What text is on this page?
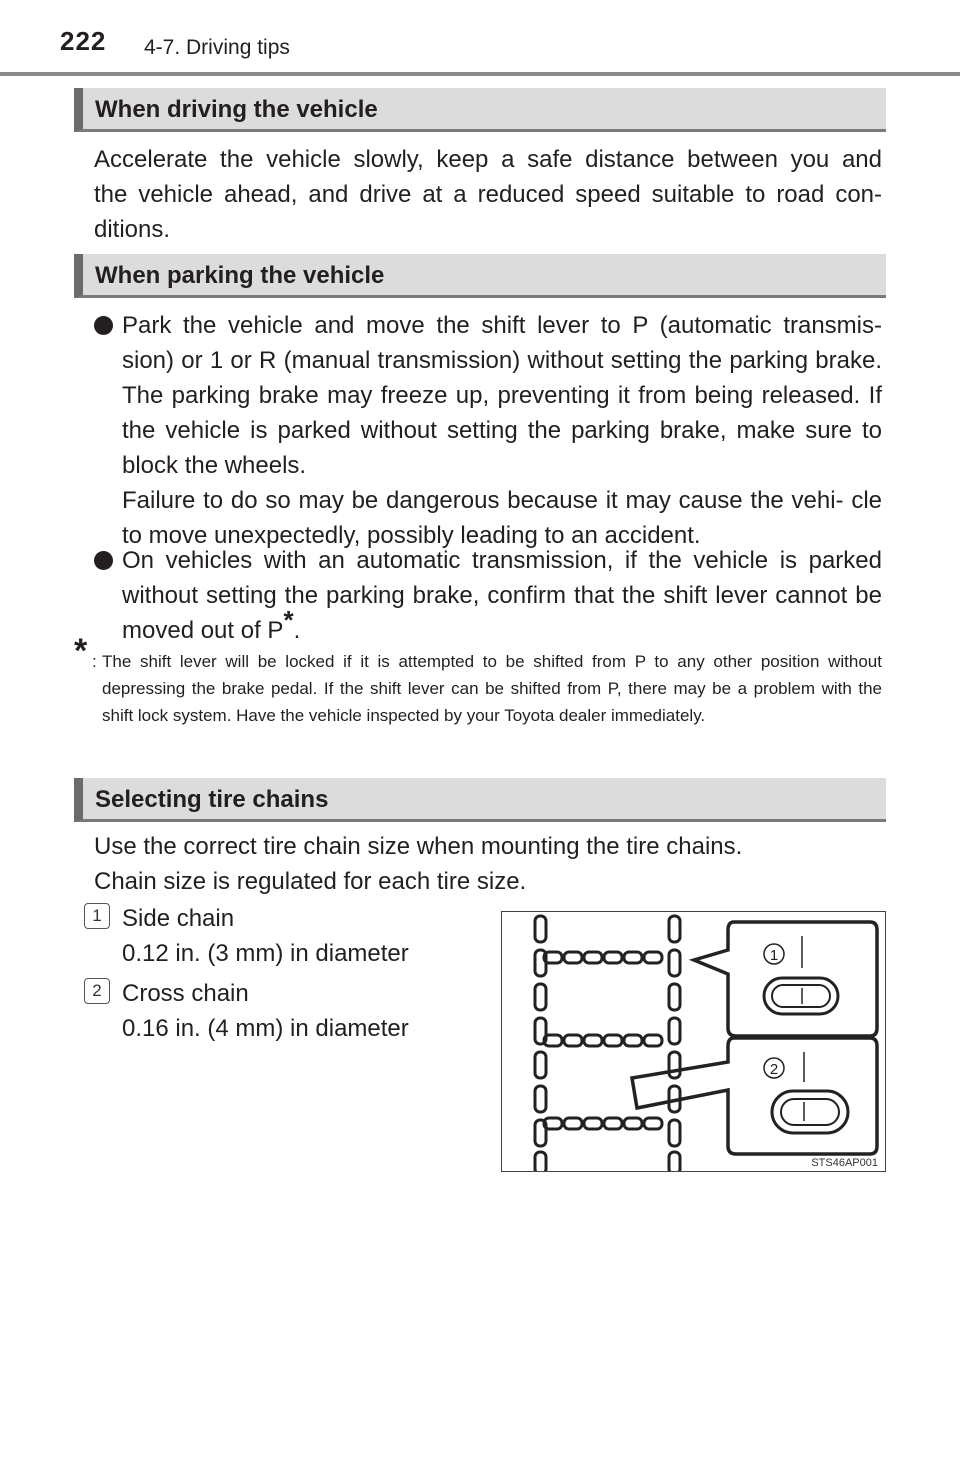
222 4-7. Driving tips
When driving the vehicle
Accelerate the vehicle slowly, keep a safe distance between you and
the vehicle ahead, and drive at a reduced speed suitable to road con-
ditions.
When parking the vehicle
Park the vehicle and move the shift lever to P (automatic transmis- sion) or 1 or R (manual transmission) without setting the parking brake. The parking brake may freeze up, preventing it from being released. If the vehicle is parked without setting the parking brake, make sure to block the wheels.
Failure to do so may be dangerous because it may cause the vehi- cle to move unexpectedly, possibly leading to an accident.
On vehicles with an automatic transmission, if the vehicle is parked without setting the parking brake, confirm that the shift lever cannot be moved out of P*.
* : The shift lever will be locked if it is attempted to be shifted from P to any other position without depressing the brake pedal. If the shift lever can be shifted from P, there may be a problem with the shift lock system. Have the vehicle inspected by your Toyota dealer immediately.
Selecting tire chains
Use the correct tire chain size when mounting the tire chains.
Chain size is regulated for each tire size.
1 Side chain
0.12 in. (3 mm) in diameter
2 Cross chain
0.16 in. (4 mm) in diameter
1
2
STS46AP001
